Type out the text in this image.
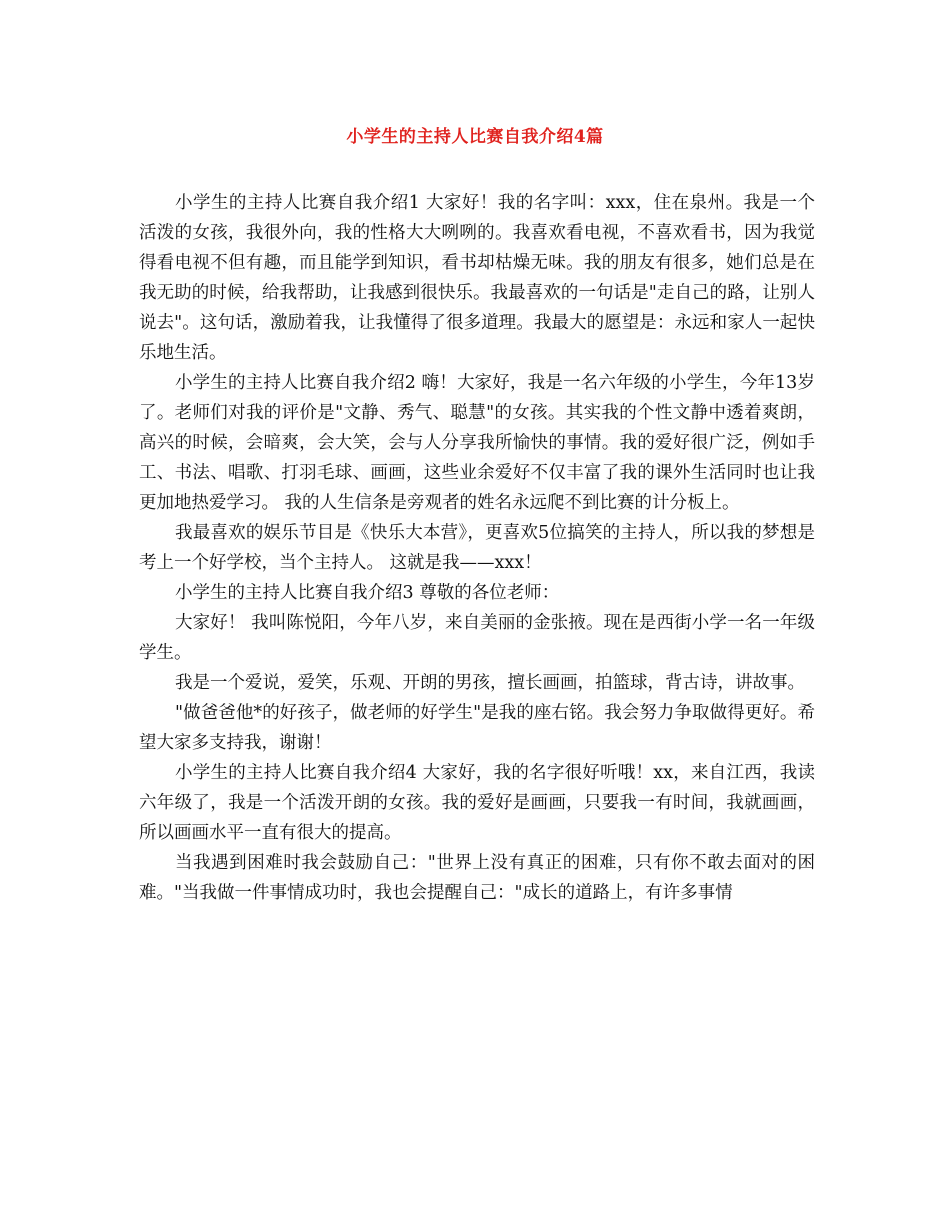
小学生的主持人比赛自我介绍4篇

小学生的主持人比赛自我介绍1 大家好！我的名字叫：xxx，住在泉州。我是一个活泼的女孩，我很外向，我的性格大大咧咧的。我喜欢看电视，不喜欢看书，因为我觉得看电视不但有趣，而且能学到知识，看书却枯燥无味。我的朋友有很多，她们总是在我无助的时候，给我帮助，让我感到很快乐。我最喜欢的一句话是"走自己的路，让别人说去"。这句话，激励着我，让我懂得了很多道理。我最大的愿望是：永远和家人一起快乐地生活。

小学生的主持人比赛自我介绍2 嗨！大家好，我是一名六年级的小学生，今年13岁了。老师们对我的评价是"文静、秀气、聪慧"的女孩。其实我的个性文静中透着爽朗，高兴的时候，会暗爽，会大笑，会与人分享我所愉快的事情。我的爱好很广泛，例如手工、书法、唱歌、打羽毛球、画画，这些业余爱好不仅丰富了我的课外生活同时也让我更加地热爱学习。 我的人生信条是旁观者的姓名永远爬不到比赛的计分板上。

我最喜欢的娱乐节目是《快乐大本营》，更喜欢5位搞笑的主持人，所以我的梦想是考上一个好学校，当个主持人。 这就是我——xxx！

小学生的主持人比赛自我介绍3 尊敬的各位老师：

大家好！ 我叫陈悦阳，今年八岁，来自美丽的金张掖。现在是西街小学一名一年级学生。

我是一个爱说，爱笑，乐观、开朗的男孩，擅长画画，拍篮球，背古诗，讲故事。

"做爸爸他*的好孩子，做老师的好学生"是我的座右铭。我会努力争取做得更好。希望大家多支持我，谢谢！

小学生的主持人比赛自我介绍4 大家好，我的名字很好听哦！xx，来自江西，我读六年级了，我是一个活泼开朗的女孩。我的爱好是画画，只要我一有时间，我就画画，所以画画水平一直有很大的提高。

当我遇到困难时我会鼓励自己："世界上没有真正的困难，只有你不敢去面对的困难。"当我做一件事情成功时，我也会提醒自己："成长的道路上，有许多事情
